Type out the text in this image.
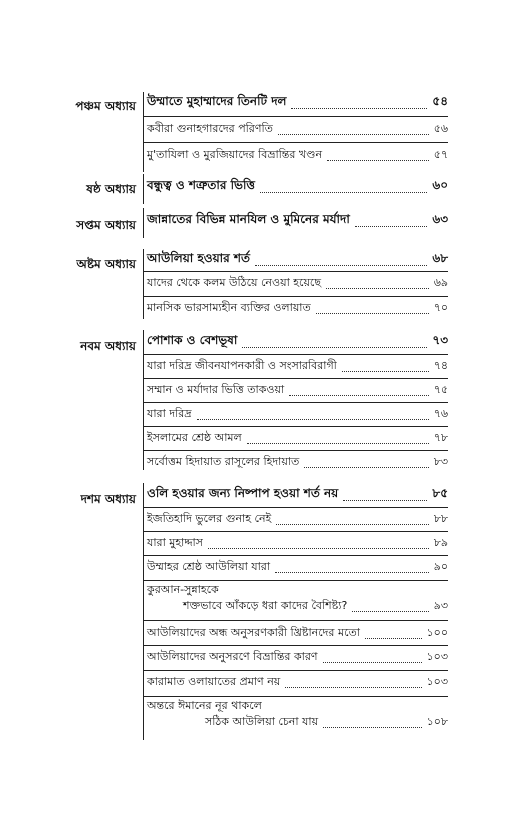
পঞ্চম অধ্যায় উম্মাতে মুহাম্মাদের তিনটি দল	৫৪
কবীরা গুনাহগারদের পরিণতি	৫৬
মু'তাযিলা ও মুরজিয়াদের বিভ্রান্তির খণ্ডন	৫৭
ষষ্ঠ অধ্যায় বন্ধুত্ব ও শত্রুতার ভিত্তি	৬০
সপ্তম অধ্যায় জান্নাতের বিভিন্ন মানযিল ও মুমিনের মর্যাদা	৬৩
অষ্টম অধ্যায় আউলিয়া হওয়ার শর্ত	৬৮
যাদের থেকে কলম উঠিয়ে নেওয়া হয়েছে	৬৯
মানসিক ভারসাম্যহীন ব্যক্তির ওলায়াত	৭০
নবম অধ্যায় পোশাক ও বেশভূষা	৭৩
যারা দরিদ্র জীবনযাপনকারী ও সংসারবিরাগী	৭৪
সম্মান ও মর্যাদার ভিত্তি তাকওয়া	৭৫
যারা দরিদ্র	৭৬
ইসলামের শ্রেষ্ঠ আমল	৭৮
সর্বোত্তম হিদায়াত রাসূলের হিদায়াত	৮৩
দশম অধ্যায় ওলি হওয়ার জন্য নিষ্পাপ হওয়া শর্ত নয়	৮৫
ইজতিহাদি ভুলের গুনাহ নেই	৮৮
যারা মুহাদ্দাস	৮৯
উম্মাহর শ্রেষ্ঠ আউলিয়া যারা	৯০
কুরআন-সুন্নাহকে
শক্তভাবে আঁকড়ে ধরা কাদের বৈশিষ্ট্য?	৯৩
আউলিয়াদের অন্ধ অনুসরণকারী খ্রিষ্টানদের মতো	১০০
আউলিয়াদের অনুসরণে বিভ্রান্তির কারণ	১০৩
কারামাত ওলায়াতের প্রমাণ নয়	১০৩
অন্তরে ঈমানের নূর থাকলে
সঠিক আউলিয়া চেনা যায়	১০৮
